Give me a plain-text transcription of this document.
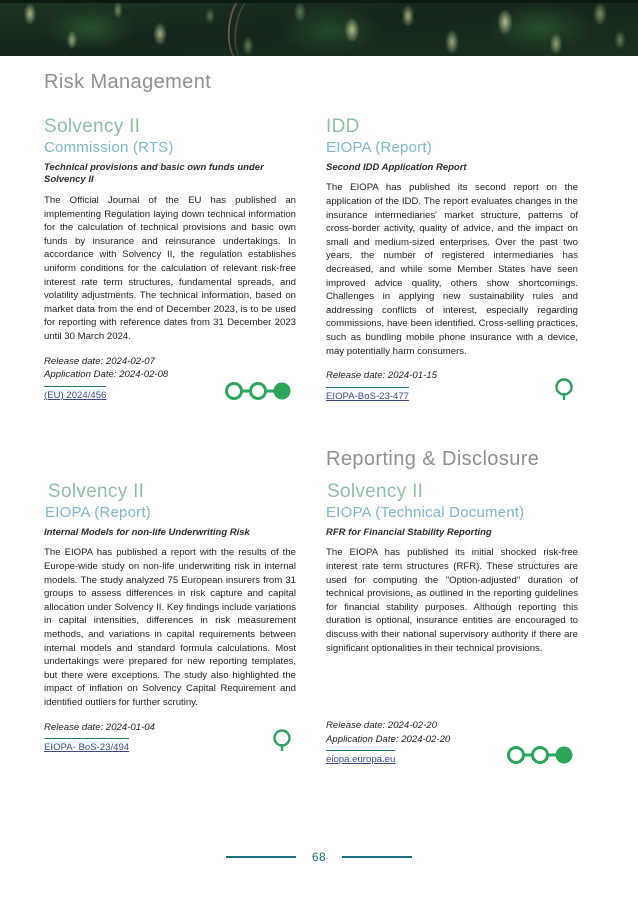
Risk Management
Reporting & Disclosure
Solvency II
Commission (RTS)
Technical provisions and basic own funds under Solvency II

The Official Journal of the EU has published an implementing Regulation laying down technical information for the calculation of technical provisions and basic own funds by insurance and reinsurance undertakings. In accordance with Solvency II, the regulation establishes uniform conditions for the calculation of relevant risk-free interest rate term structures, fundamental spreads, and volatility adjustments. The technical information, based on market data from the end of December 2023, is to be used for reporting with reference dates from 31 December 2023 until 30 March 2024.

Release date: 2024-02-07
Application Date: 2024-02-08
(EU) 2024/456
IDD
EIOPA (Report)
Second IDD Application Report

The EIOPA has published its second report on the application of the IDD. The report evaluates changes in the insurance intermediaries' market structure, patterns of cross-border activity, quality of advice, and the impact on small and medium-sized enterprises. Over the past two years, the number of registered intermediaries has decreased, and while some Member States have seen improved advice quality, others show shortcomings. Challenges in applying new sustainability rules and addressing conflicts of interest, especially regarding commissions, have been identified. Cross-selling practices, such as bundling mobile phone insurance with a device, may potentially harm consumers.

Release date: 2024-01-15
EIOPA-BoS-23-477
Solvency II
EIOPA (Report)
Internal Models for non-life Underwriting Risk

The EIOPA has published a report with the results of the Europe-wide study on non-life underwriting risk in internal models. The study analyzed 75 European insurers from 31 groups to assess differences in risk capture and capital allocation under Solvency II. Key findings include variations in capital intensities, differences in risk measurement methods, and variations in capital requirements between internal models and standard formula calculations. Most undertakings were prepared for new reporting templates, but there were exceptions. The study also highlighted the impact of inflation on Solvency Capital Requirement and identified outliers for further scrutiny.

Release date: 2024-01-04
EIOPA- BoS-23/494
Solvency II
EIOPA (Technical Document)
RFR for Financial Stability Reporting

The EIOPA has published its initial shocked risk-free interest rate term structures (RFR). These structures are used for computing the "Option-adjusted" duration of technical provisions, as outlined in the reporting guidelines for financial stability purposes. Although reporting this duration is optional, insurance entities are encouraged to discuss with their national supervisory authority if there are significant optionalities in their technical provisions.

Release date: 2024-02-20
Application Date: 2024-02-20
eiopa.europa.eu
68
